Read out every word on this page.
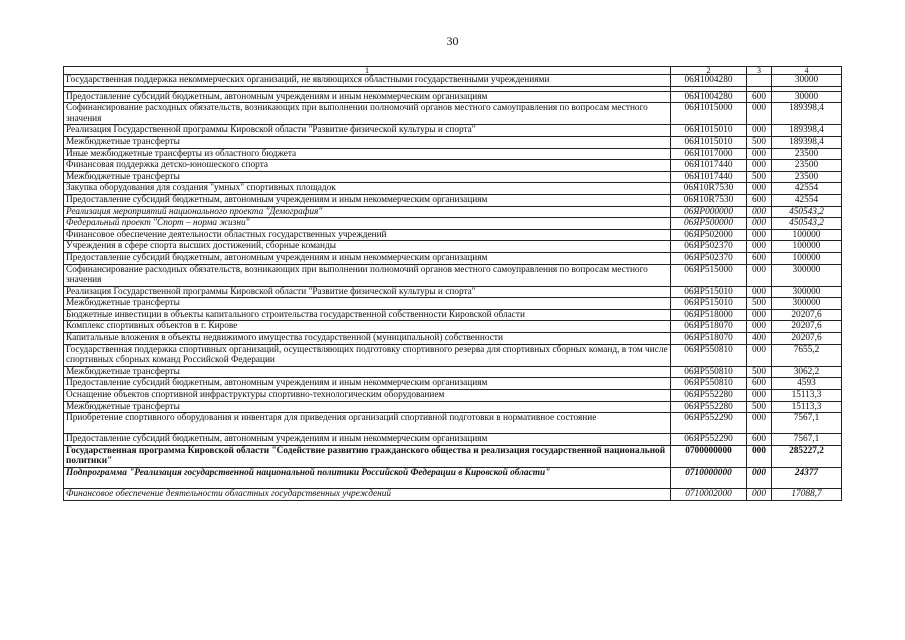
30
1	2	3	4
Государственная поддержка некоммерческих организаций, не являющихся областными государственными учреждениями	06Я1004280		30000

Предоставление субсидий бюджетным, автономным учреждениям и иным некоммерческим организациям	06Я1004280	600	30000
Софинансирование расходных обязательств, возникающих при выполнении полномочий органов местного самоуправления по вопросам местного значения	06Я1015000	000	189398,4
Реализация Государственной программы Кировской области "Развитие физической культуры и спорта"	06Я1015010	000	189398,4
Межбюджетные трансферты	06Я1015010	500	189398,4
Иные межбюджетные трансферты из областного бюджета	06Я1017000	000	23500
Финансовая поддержка детско-юношеского спорта	06Я1017440	000	23500
Межбюджетные трансферты	06Я1017440	500	23500
Закупка оборудования для создания "умных" спортивных площадок	06Я10R7530	000	42554
Предоставление субсидий бюджетным, автономным учреждениям и иным некоммерческим организациям	06Я10R7530	600	42554
Реализация мероприятий национального проекта "Демография"	06ЯР000000	000	450543,2
Федеральный проект "Спорт – норма жизни"	06ЯР500000	000	450543,2
Финансовое обеспечение деятельности областных государственных учреждений	06ЯР502000	000	100000
Учреждения в сфере спорта высших достижений, сборные команды	06ЯР502370	000	100000
Предоставление субсидий бюджетным, автономным учреждениям и иным некоммерческим организациям	06ЯР502370	600	100000
Софинансирование расходных обязательств, возникающих при выполнении полномочий органов местного самоуправления по вопросам местного значения	06ЯР515000	000	300000
Реализация Государственной программы Кировской области "Развитие физической культуры и спорта"	06ЯР515010	000	300000
Межбюджетные трансферты	06ЯР515010	500	300000
Бюджетные инвестиции в объекты капитального строительства государственной собственности Кировской области	06ЯР518000	000	20207,6
Комплекс спортивных объектов в г. Кирове	06ЯР518070	000	20207,6
Капитальные вложения в объекты недвижимого имущества государственной (муниципальной) собственности	06ЯР518070	400	20207,6
Государственная поддержка спортивных организаций, осуществляющих подготовку спортивного резерва для спортивных сборных команд, в том числе спортивных сборных команд Российской Федерации	06ЯР550810	000	7655,2
Межбюджетные трансферты	06ЯР550810	500	3062,2
Предоставление субсидий бюджетным, автономным учреждениям и иным некоммерческим организациям	06ЯР550810	600	4593
Оснащение объектов спортивной инфраструктуры спортивно-технологическим оборудованием	06ЯР552280	000	15113,3
Межбюджетные трансферты	06ЯР552280	500	15113,3
Приобретение спортивного оборудования и инвентаря для приведения организаций спортивной подготовки в нормативное состояние	06ЯР552290	000	7567,1
Предоставление субсидий бюджетным, автономным учреждениям и иным некоммерческим организациям	06ЯР552290	600	7567,1
Государственная программа Кировской области "Содействие развитию гражданского общества и реализация государственной национальной политики"	0700000000	000	285227,2
Подпрограмма "Реализация государственной национальной политики Российской Федерации в Кировской области"	0710000000	000	24377
Финансовое обеспечение деятельности областных государственных учреждений	0710002000	000	17088,7
